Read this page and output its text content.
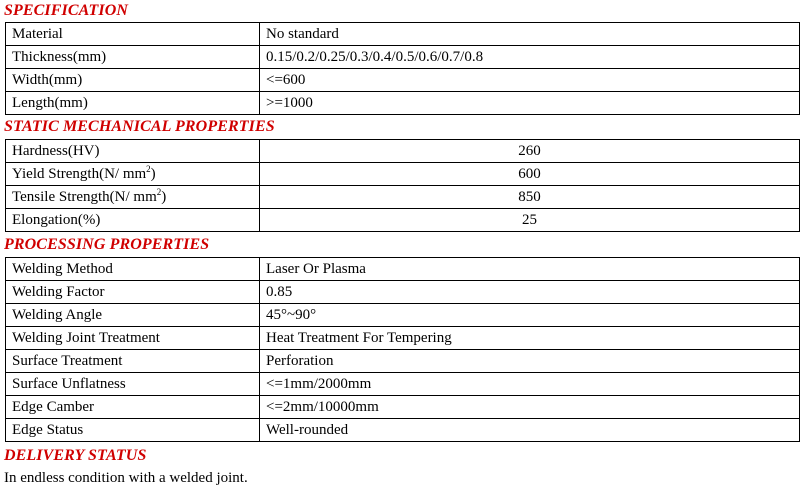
SPECIFICATION
Material	No standard
Thickness(mm)	0.15/0.2/0.25/0.3/0.4/0.5/0.6/0.7/0.8
Width(mm)	<=600
Length(mm)	>=1000
STATIC MECHANICAL PROPERTIES
Hardness(HV)	260
Yield Strength(N/ $mm^2$)	600
Tensile Strength(N/ $mm^2$)	850
Elongation(%)	25
PROCESSING PROPERTIES
Welding Method	Laser Or Plasma
Welding Factor	0.85
Welding Angle	45°~90°
Welding Joint Treatment	Heat Treatment For Tempering
Surface Treatment	Perforation
Surface Unflatness	<=1mm/2000mm
Edge Camber	<=2mm/10000mm
Edge Status	Well-rounded
DELIVERY STATUS
In endless condition with a welded joint.
